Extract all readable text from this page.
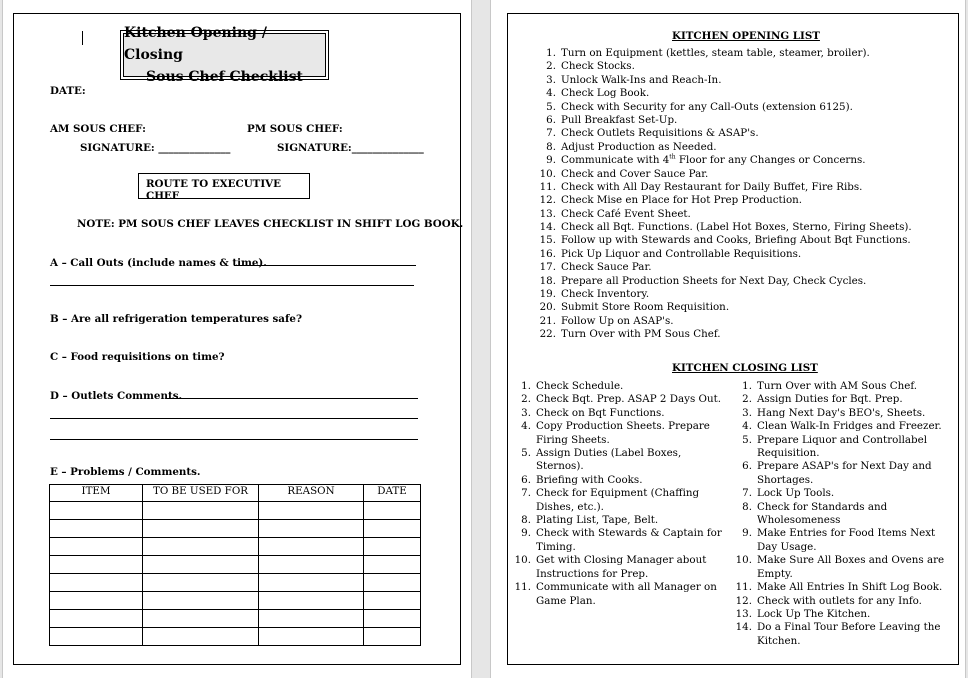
Kitchen Opening / Closing
Sous Chef Checklist
DATE:
AM SOUS CHEF:	PM SOUS CHEF:
SIGNATURE: ______________	SIGNATURE:______________
ROUTE TO EXECUTIVE CHEF
NOTE: PM SOUS CHEF LEAVES CHECKLIST IN SHIFT LOG BOOK.
A – Call Outs (include names & time).
B – Are all refrigeration temperatures safe?
C – Food requisitions on time?
D – Outlets Comments.
E – Problems / Comments.
ITEM	TO BE USED FOR	REASON	DATE

KITCHEN OPENING LIST
1. Turn on Equipment (kettles, steam table, steamer, broiler).
2. Check Stocks.
3. Unlock Walk-Ins and Reach-In.
4. Check Log Book.
5. Check with Security for any Call-Outs (extension 6125).
6. Pull Breakfast Set-Up.
7. Check Outlets Requisitions & ASAP's.
8. Adjust Production as Needed.
9. Communicate with 4th Floor for any Changes or Concerns.
10. Check and Cover Sauce Par.
11. Check with All Day Restaurant for Daily Buffet, Fire Ribs.
12. Check Mise en Place for Hot Prep Production.
13. Check Café Event Sheet.
14. Check all Bqt. Functions. (Label Hot Boxes, Sterno, Firing Sheets).
15. Follow up with Stewards and Cooks, Briefing About Bqt Functions.
16. Pick Up Liquor and Controllable Requisitions.
17. Check Sauce Par.
18. Prepare all Production Sheets for Next Day, Check Cycles.
19. Check Inventory.
20. Submit Store Room Requisition.
21. Follow Up on ASAP's.
22. Turn Over with PM Sous Chef.
KITCHEN CLOSING LIST
1. Check Schedule.
2. Check Bqt. Prep. ASAP 2 Days Out.
3. Check on Bqt Functions.
4. Copy Production Sheets. Prepare Firing Sheets.
5. Assign Duties (Label Boxes, Sternos).
6. Briefing with Cooks.
7. Check for Equipment (Chaffing Dishes, etc.).
8. Plating List, Tape, Belt.
9. Check with Stewards & Captain for Timing.
10. Get with Closing Manager about Instructions for Prep.
11. Communicate with all Manager on Game Plan.
1. Turn Over with AM Sous Chef.
2. Assign Duties for Bqt. Prep.
3. Hang Next Day's BEO's, Sheets.
4. Clean Walk-In Fridges and Freezer.
5. Prepare Liquor and Controllabel Requisition.
6. Prepare ASAP's for Next Day and Shortages.
7. Lock Up Tools.
8. Check for Standards and Wholesomeness
9. Make Entries for Food Items Next Day Usage.
10. Make Sure All Boxes and Ovens are Empty.
11. Make All Entries In Shift Log Book.
12. Check with outlets for any Info.
13. Lock Up The Kitchen.
14. Do a Final Tour Before Leaving the Kitchen.
